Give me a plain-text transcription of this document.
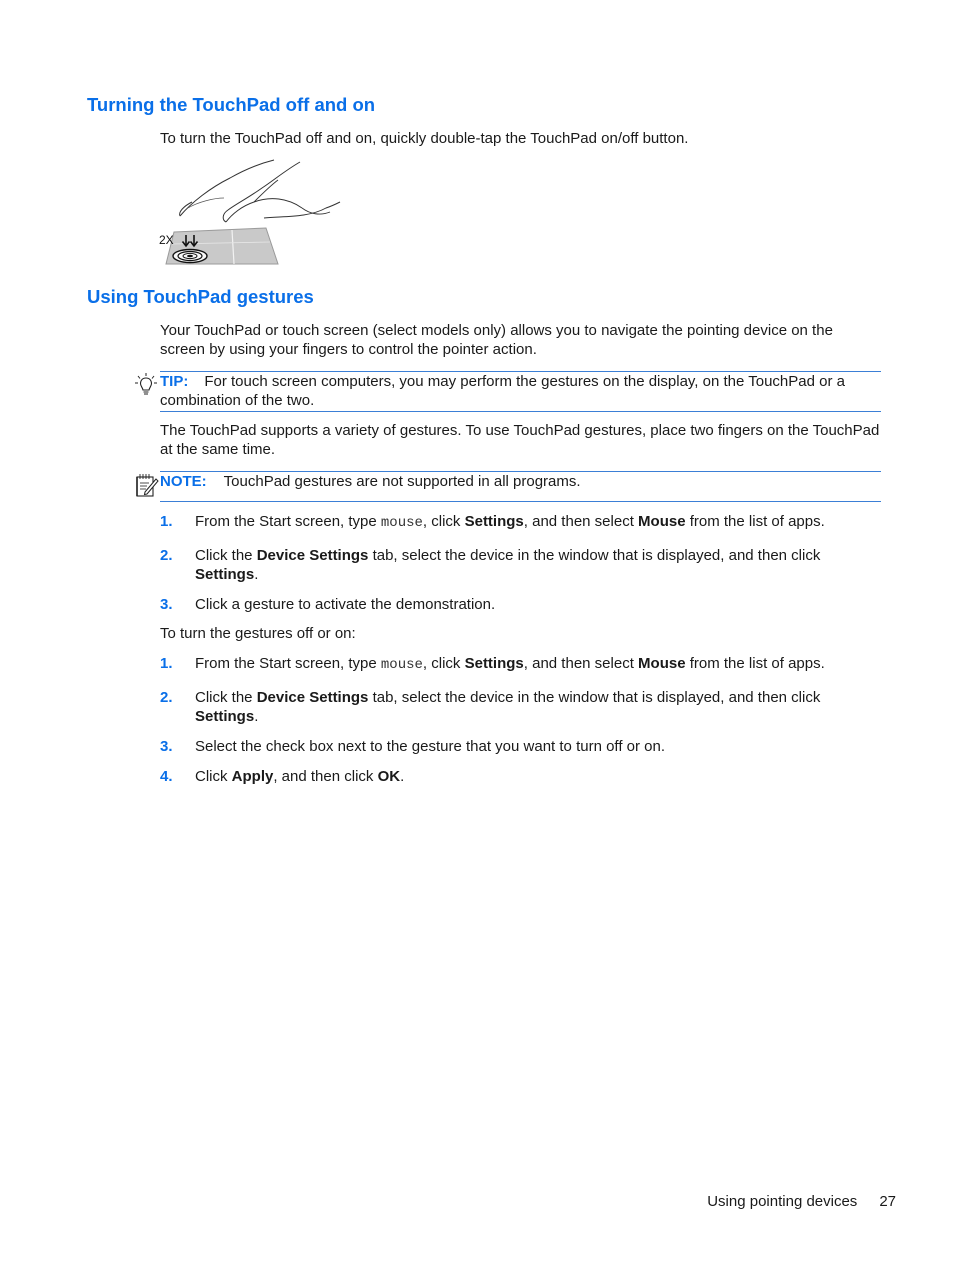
Turning the TouchPad off and on

To turn the TouchPad off and on, quickly double-tap the TouchPad on/off button.

2X
Using TouchPad gestures

Your TouchPad or touch screen (select models only) allows you to navigate the pointing device on the screen by using your fingers to control the pointer action.

TIP: For touch screen computers, you may perform the gestures on the display, on the TouchPad or a combination of the two.

The TouchPad supports a variety of gestures. To use TouchPad gestures, place two fingers on the TouchPad at the same time.

NOTE: TouchPad gestures are not supported in all programs.
1. From the Start screen, type mouse, click Settings, and then select Mouse from the list of apps.
2. Click the Device Settings tab, select the device in the window that is displayed, and then click Settings.
3. Click a gesture to activate the demonstration.

To turn the gestures off or on:

1. From the Start screen, type mouse, click Settings, and then select Mouse from the list of apps.
2. Click the Device Settings tab, select the device in the window that is displayed, and then click Settings.
3. Select the check box next to the gesture that you want to turn off or on.
4. Click Apply, and then click OK.
Using pointing devices 27
